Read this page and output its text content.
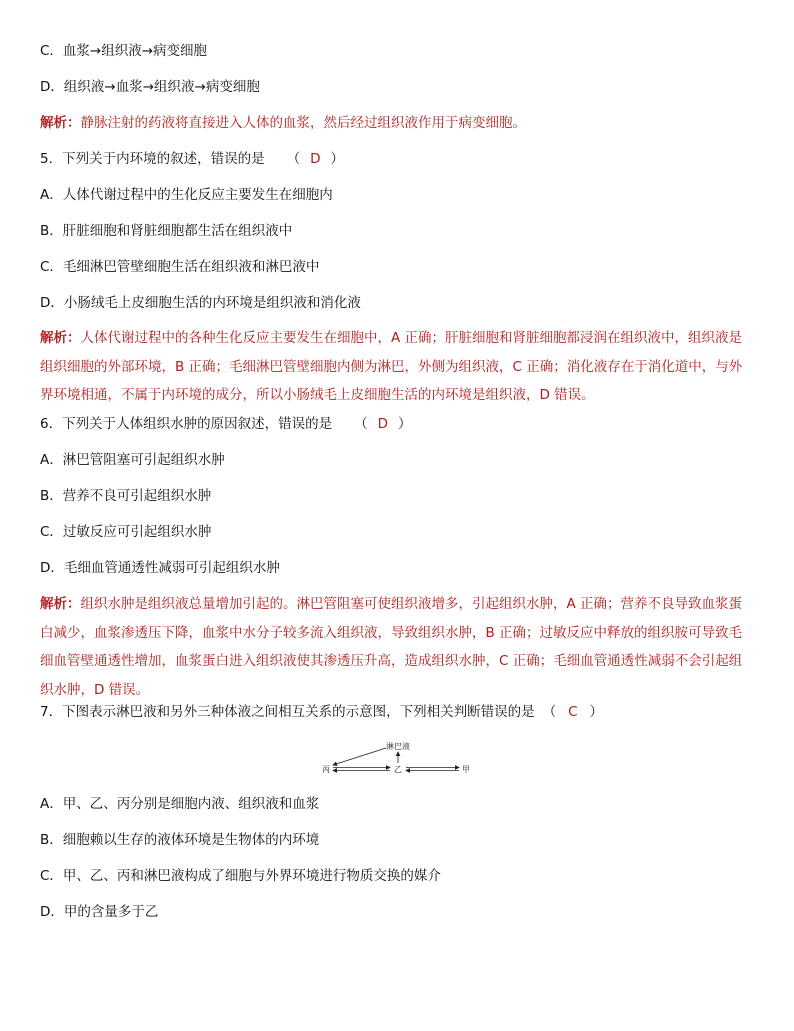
C．血浆→组织液→病变细胞
D．组织液→血浆→组织液→病变细胞
解析：静脉注射的药液将直接进入人体的血浆，然后经过组织液作用于病变细胞。
5．下列关于内环境的叙述，错误的是 （ D ）
A．人体代谢过程中的生化反应主要发生在细胞内
B．肝脏细胞和肾脏细胞都生活在组织液中
C．毛细淋巴管壁细胞生活在组织液和淋巴液中
D．小肠绒毛上皮细胞生活的内环境是组织液和消化液
解析：人体代谢过程中的各种生化反应主要发生在细胞中，A 正确；肝脏细胞和肾脏细胞都浸润在组织液中，组织液是组织细胞的外部环境，B 正确；毛细淋巴管壁细胞内侧为淋巴，外侧为组织液，C 正确；消化液存在于消化道中，与外界环境相通，不属于内环境的成分，所以小肠绒毛上皮细胞生活的内环境是组织液，D 错误。
6．下列关于人体组织水肿的原因叙述，错误的是 （ D ）
A．淋巴管阻塞可引起组织水肿
B．营养不良可引起组织水肿
C．过敏反应可引起组织水肿
D．毛细血管通透性减弱可引起组织水肿
解析：组织水肿是组织液总量增加引起的。淋巴管阻塞可使组织液增多，引起组织水肿，A 正确；营养不良导致血浆蛋白减少，血浆渗透压下降，血浆中水分子较多流入组织液，导致组织水肿，B 正确；过敏反应中释放的组织胺可导致毛细血管壁通透性增加，血浆蛋白进入组织液使其渗透压升高，造成组织水肿，C 正确；毛细血管通透性减弱不会引起组织水肿，D 错误。
7．下图表示淋巴液和另外三种体液之间相互关系的示意图，下列相关判断错误的是 （ C ）
淋巴液
丙	乙	甲
A．甲、乙、丙分别是细胞内液、组织液和血浆
B．细胞赖以生存的液体环境是生物体的内环境
C．甲、乙、丙和淋巴液构成了细胞与外界环境进行物质交换的媒介
D．甲的含量多于乙
